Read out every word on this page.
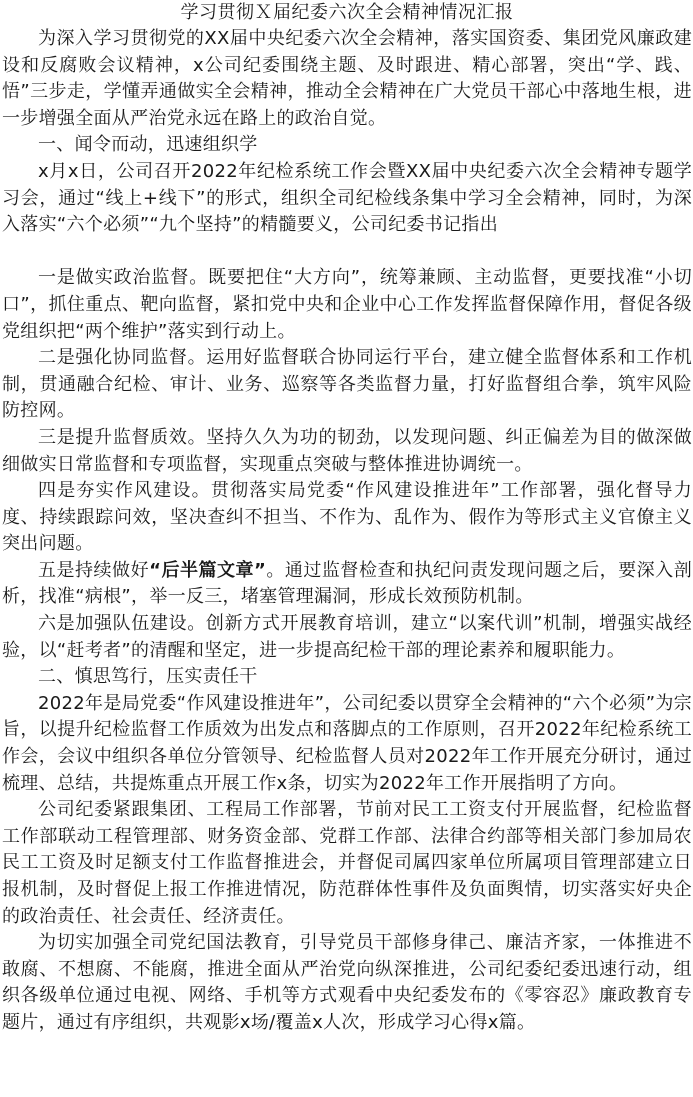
学习贯彻Ｘ届纪委六次全会精神情况汇报

为深入学习贯彻党的XX届中央纪委六次全会精神，落实国资委、集团党风廉政建设和反腐败会议精神，x公司纪委围绕主题、及时跟进、精心部署，突出“学、践、悟”三步走，学懂弄通做实全会精神，推动全会精神在广大党员干部心中落地生根，进一步增强全面从严治党永远在路上的政治自觉。

一、闻令而动，迅速组织学

x月x日，公司召开2022年纪检系统工作会暨XX届中央纪委六次全会精神专题学习会，通过“线上+线下”的形式，组织全司纪检线条集中学习全会精神，同时，为深入落实“六个必须”“九个坚持”的精髓要义，公司纪委书记指出

一是做实政治监督。既要把住“大方向”，统筹兼顾、主动监督，更要找准“小切口”，抓住重点、靶向监督，紧扣党中央和企业中心工作发挥监督保障作用，督促各级党组织把“两个维护”落实到行动上。

二是强化协同监督。运用好监督联合协同运行平台，建立健全监督体系和工作机制，贯通融合纪检、审计、业务、巡察等各类监督力量，打好监督组合拳，筑牢风险防控网。

三是提升监督质效。坚持久久为功的韧劲，以发现问题、纠正偏差为目的做深做细做实日常监督和专项监督，实现重点突破与整体推进协调统一。

四是夯实作风建设。贯彻落实局党委“作风建设推进年”工作部署，强化督导力度、持续跟踪问效，坚决查纠不担当、不作为、乱作为、假作为等形式主义官僚主义突出问题。

五是持续做好“后半篇文章”。通过监督检查和执纪问责发现问题之后，要深入剖析，找准“病根”，举一反三，堵塞管理漏洞，形成长效预防机制。

六是加强队伍建设。创新方式开展教育培训，建立“以案代训”机制，增强实战经验，以“赶考者”的清醒和坚定，进一步提高纪检干部的理论素养和履职能力。

二、慎思笃行，压实责任干

2022年是局党委“作风建设推进年”，公司纪委以贯穿全会精神的“六个必须”为宗旨，以提升纪检监督工作质效为出发点和落脚点的工作原则，召开2022年纪检系统工作会，会议中组织各单位分管领导、纪检监督人员对2022年工作开展充分研讨，通过梳理、总结，共提炼重点开展工作x条，切实为2022年工作开展指明了方向。

公司纪委紧跟集团、工程局工作部署，节前对民工工资支付开展监督，纪检监督工作部联动工程管理部、财务资金部、党群工作部、法律合约部等相关部门参加局农民工工资及时足额支付工作监督推进会，并督促司属四家单位所属项目管理部建立日报机制，及时督促上报工作推进情况，防范群体性事件及负面舆情，切实落实好央企的政治责任、社会责任、经济责任。

为切实加强全司党纪国法教育，引导党员干部修身律己、廉洁齐家，一体推进不敢腐、不想腐、不能腐，推进全面从严治党向纵深推进，公司纪委纪委迅速行动，组织各级单位通过电视、网络、手机等方式观看中央纪委发布的《零容忍》廉政教育专题片，通过有序组织，共观影x场/覆盖x人次，形成学习心得x篇。
